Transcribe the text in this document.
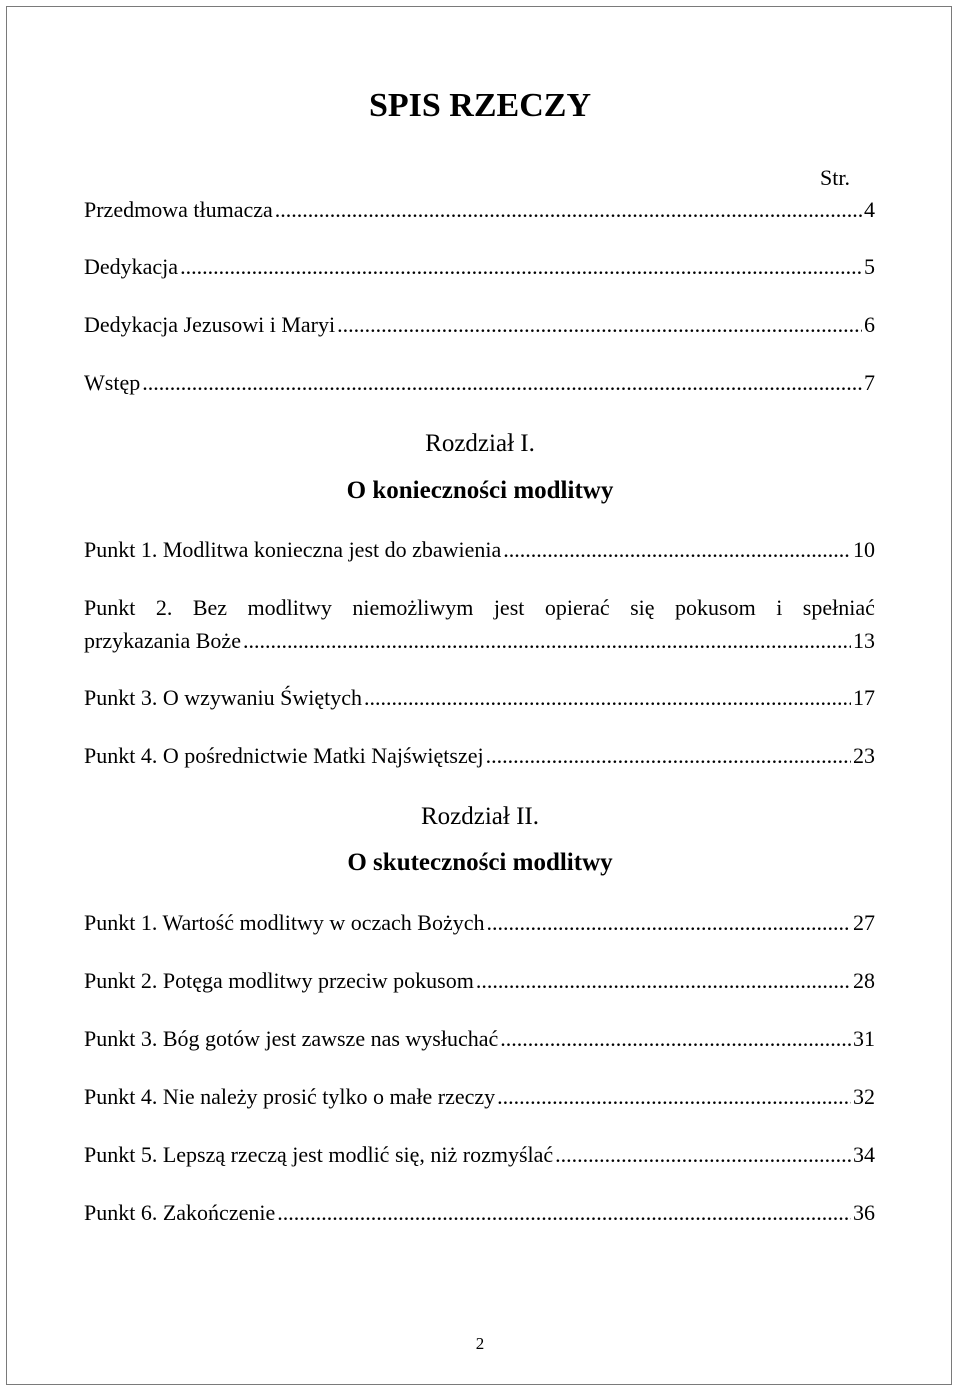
SPIS RZECZY
Str.
Przedmowa tłumacza .....	4
Dedykacja .....	5
Dedykacja Jezusowi i Maryi .....	6
Wstęp .....	7
Rozdział I.
O konieczności modlitwy
Punkt 1. Modlitwa konieczna jest do zbawienia .....	10
Punkt 2. Bez modlitwy niemożliwym jest opierać się pokusom i spełniać
przykazania Boże .....	13
Punkt 3. O wzywaniu Świętych .....	17
Punkt 4. O pośrednictwie Matki Najświętszej .....	23
Rozdział II.
O skuteczności modlitwy
Punkt 1. Wartość modlitwy w oczach Bożych .....	27
Punkt 2. Potęga modlitwy przeciw pokusom .....	28
Punkt 3. Bóg gotów jest zawsze nas wysłuchać .....	31
Punkt 4. Nie należy prosić tylko o małe rzeczy .....	32
Punkt 5. Lepszą rzeczą jest modlić się, niż rozmyślać .....	34
Punkt 6. Zakończenie .....	36
2
